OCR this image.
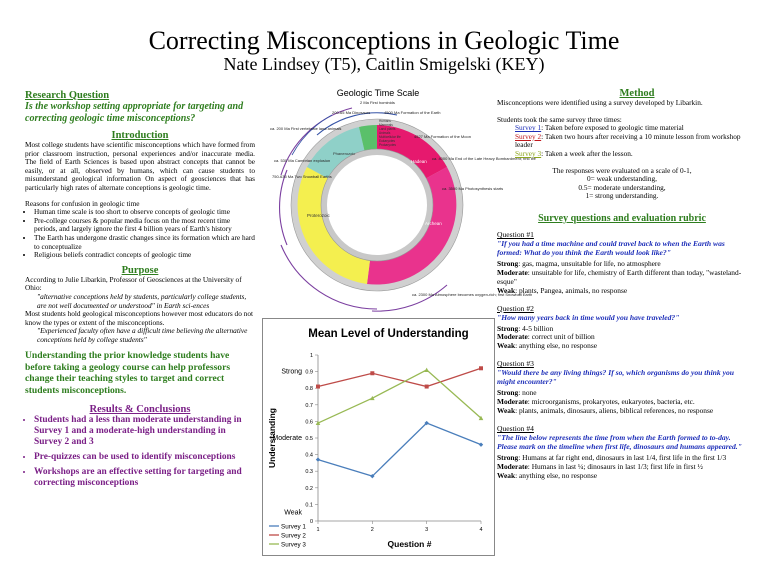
Correcting Misconceptions in Geologic Time
Nate Lindsey (T5), Caitlin Smigelski (KEY)
Research Question
Is the workshop setting appropriate for targeting and correcting geologic time misconceptions?
Introduction
Most college students have scientific misconceptions which have formed from prior classroom instruction, personal experiences and/or inaccurate media. The field of Earth Sciences is based upon abstract concepts that cannot be easily, or at all, observed by humans, which can cause students to misunderstand geological information On aspect of geosciences that has particularly high rates of alternate conceptions is geologic time.
Reasons for confusion in geologic time
• Human time scale is too short to observe concepts of geologic time
• Pre-college courses & popular media focus on the most recent time periods, and largely ignore the first 4 billion years of Earth's history
• The Earth has undergone drastic changes since its formation which are hard to conceptualize
• Religious beliefs contradict concepts of geologic time
Purpose
According to Julie Libarkin, Professor of Geosciences at the University of Ohio:
"alternative conceptions held by students, particularly college students, are not well documented or understood" in Earth sci-ences
Most students hold geological misconceptions however most educators do not know the types or extent of the misconceptions.
"Experienced faculty often have a difficult time believing the alternative conceptions held by college students"
Understanding the prior knowledge students have before taking a geology course can help professors change their teaching styles to target and correct students misconceptions.
Results & Conclusions
• Students had a less than moderate understanding in Survey 1 and a moderate-high understanding in Survey 2 and 3
• Pre-quizzes can be used to identify misconceptions
• Workshops are an effective setting for targeting and correcting misconceptions
Geologic Time Scale
Hadean
Archean
Proterozoic
Phanerozoic
2 Ma First hominids
200-65 Ma Dinosaurs	4500 Ma Formation of the Earth
ca. 200 Ma First vertebrate land animals
4527 Ma Formation of the Moon
ca. 530 Ma Cambrian explosion	ca. 4000 Ma End of the Late Heavy Bombardment; first life
750-635 Ma Two Snowball Earths
ca. 3500 Ma Photosynthesis starts
ca. 2300 Ma Atmosphere becomes oxygen-rich; first Snowball Earth
Humans
Mammals
Land plants
Animals
Multicellular life
Eukaryotes
Prokaryotes
Mean Level of Understanding
0
0.1
0.2
0.3
0.4
0.5
0.6
0.7
0.8
0.9
1
1	2	3	4
Strong
Moderate
Weak
Understanding
Question #
Survey 1
Survey 2
Survey 3
Method
Misconceptions were identified using a survey developed by Libarkin.
Students took the same survey three times:
Survey 1: Taken before exposed to geologic time material
Survey 2: Taken two hours after receiving a 10 minute lesson from workshop leader
Survey 3: Taken a week after the lesson.
The responses were evaluated on a scale of 0-1,
0= weak understanding,
0.5= moderate understanding,
1= strong understanding.
Survey questions and evaluation rubric
Question #1
"If you had a time machine and could travel back to when the Earth was formed: What do you think the Earth would look like?"
Strong: gas, magma, unsuitable for life, no atmosphere
Moderate: unsuitable for life, chemistry of Earth different than today, "wasteland-esque"
Weak: plants, Pangea, animals, no response
Question #2
"How many years back in time would you have traveled?"
Strong: 4-5 billion
Moderate: correct unit of billion
Weak: anything else, no response
Question #3
"Would there be any living things? If so, which organisms do you think you might encounter?"
Strong: none
Moderate: microorganisms, prokaryotes, eukaryotes, bacteria, etc.
Weak: plants, animals, dinosaurs, aliens, biblical references, no response
Question #4
"The line below represents the time from when the Earth formed to to-day. Please mark on the timeline when first life, dinosaurs and humans appeared."
Strong: Humans at far right end, dinosaurs in last 1/4, first life in the first 1/3
Moderate: Humans in last ¼; dinosaurs in last 1/3; first life in first ½
Weak: anything else, no response
